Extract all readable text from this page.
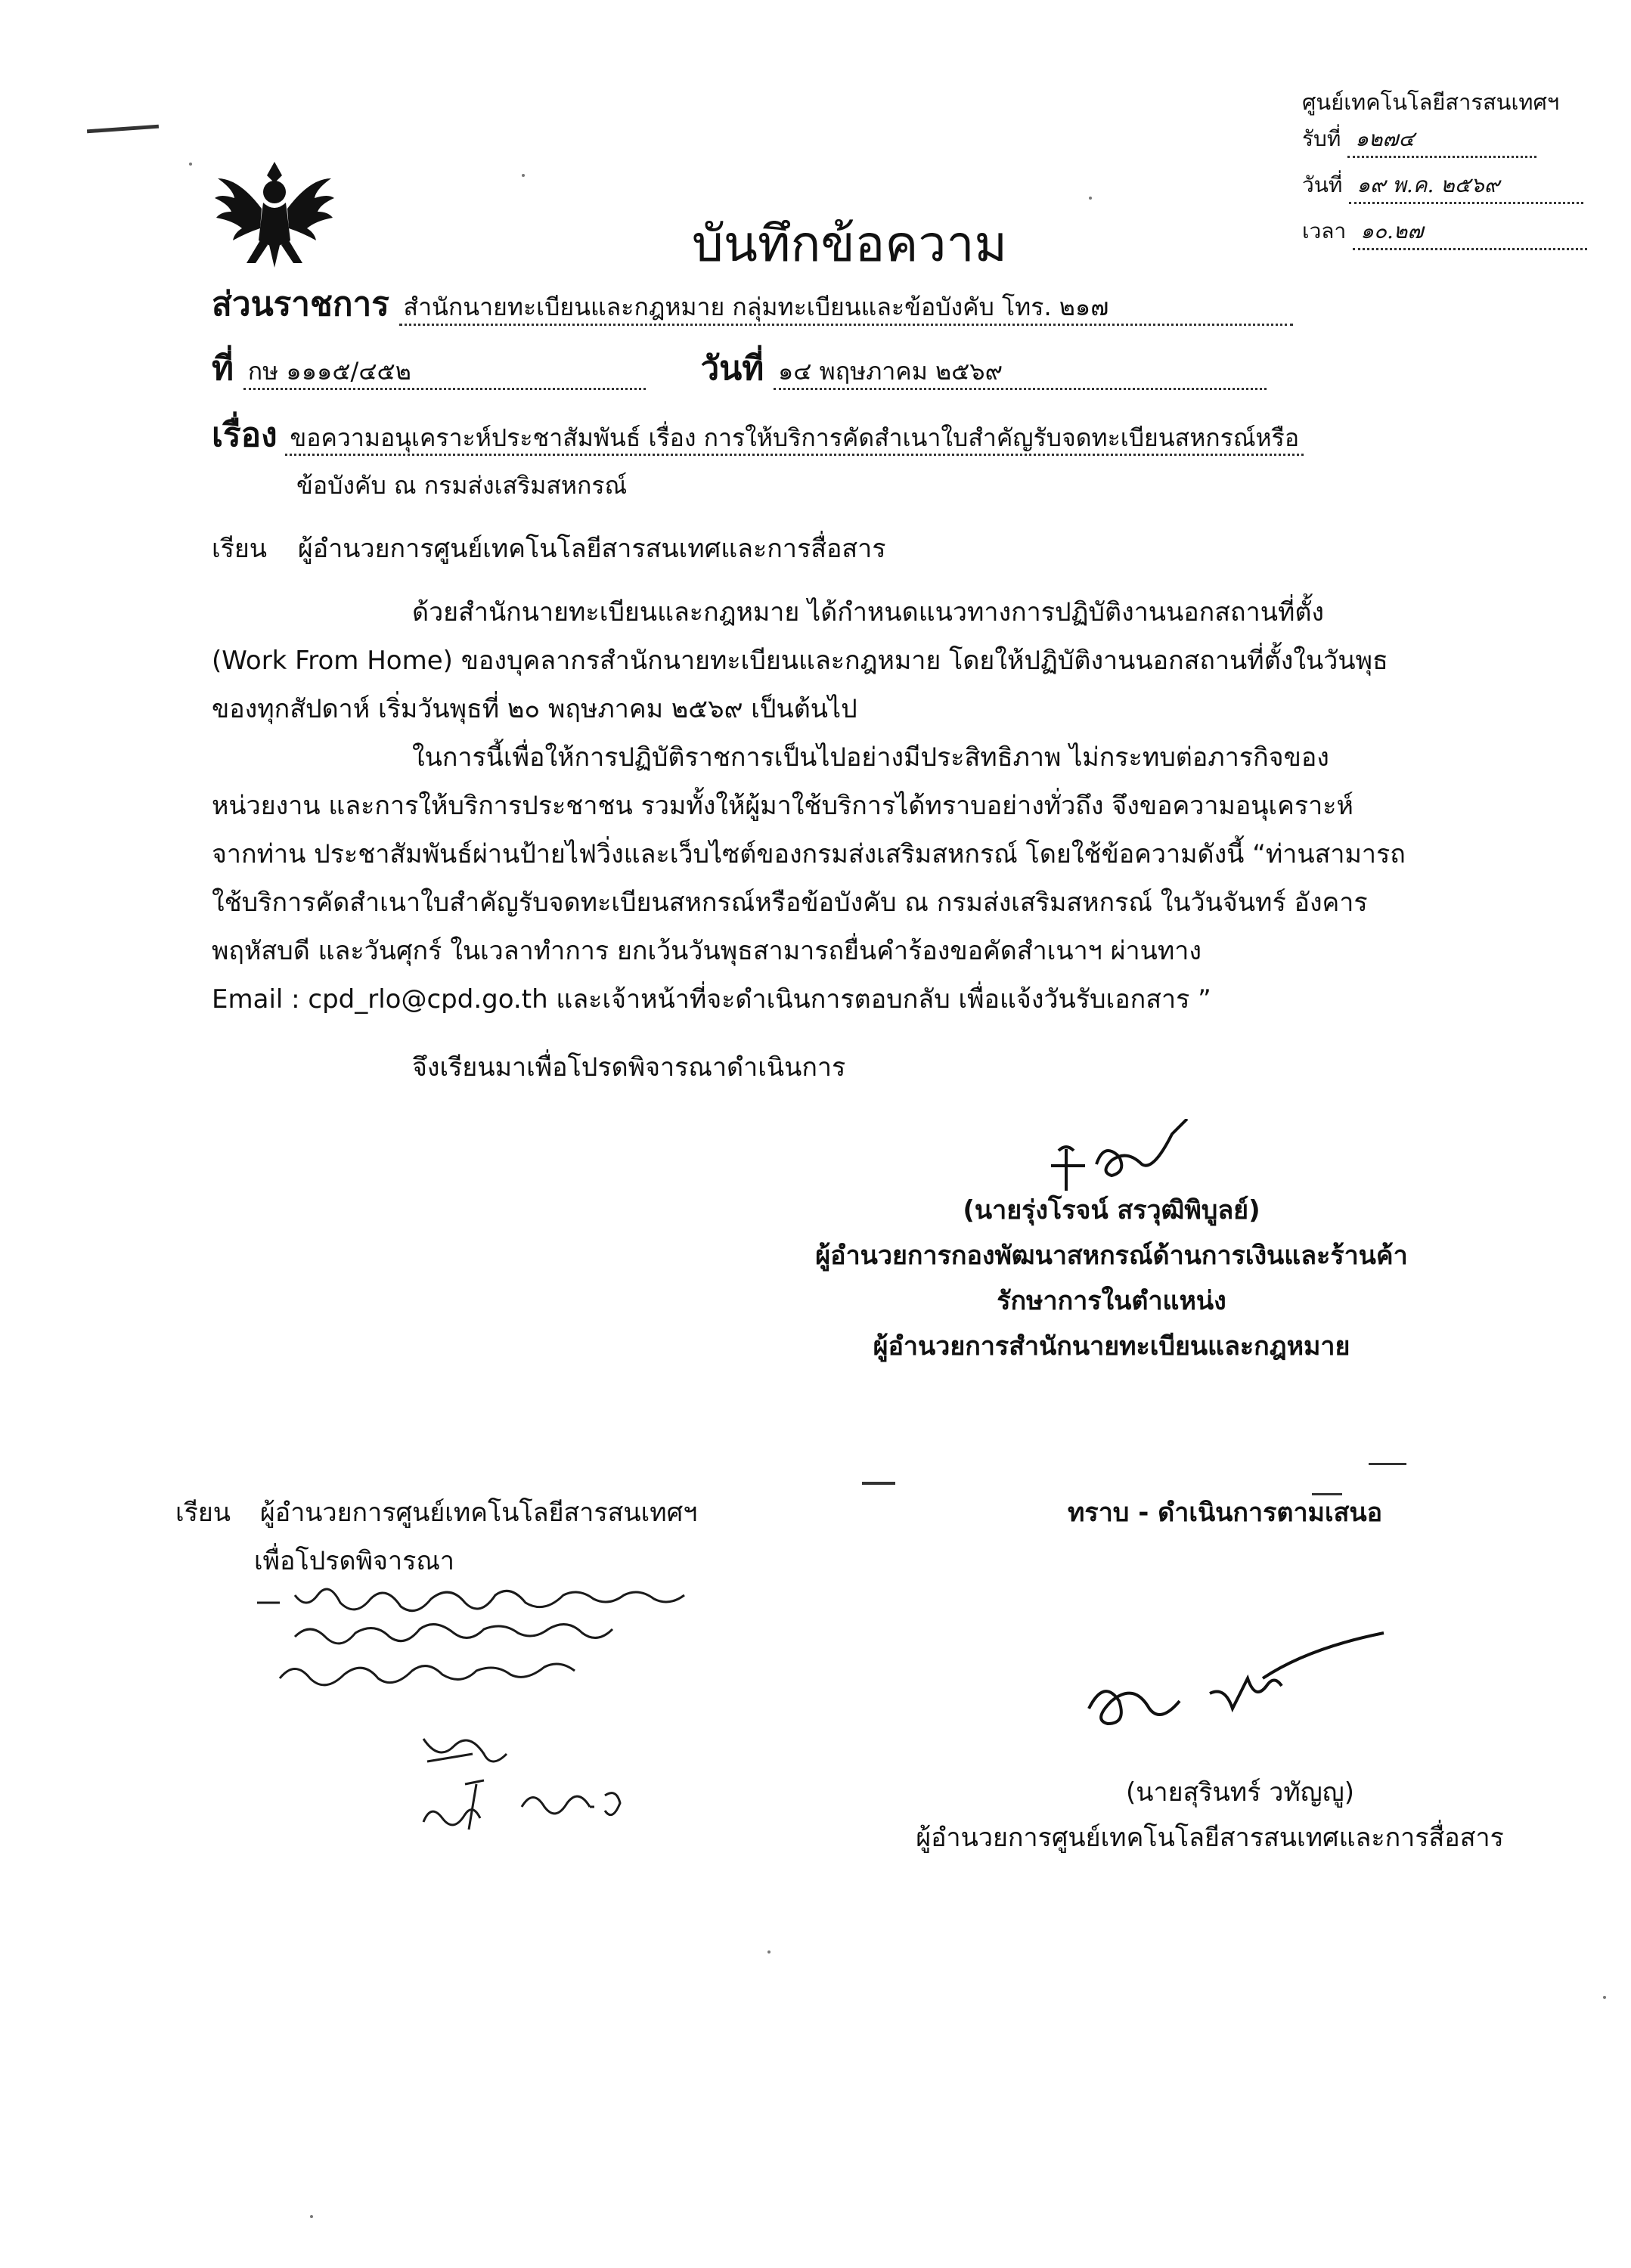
ศูนย์เทคโนโลยีสารสนเทศฯ
รับที่ ๑๒๗๔
วันที่ ๑๙ พ.ค. ๒๕๖๙
เวลา ๑๐.๒๗
บันทึกข้อความ
ส่วนราชการ สำนักนายทะเบียนและกฎหมาย กลุ่มทะเบียนและข้อบังคับ โทร. ๒๑๗
ที่ กษ ๑๑๑๕/๔๕๒	วันที่ ๑๔ พฤษภาคม ๒๕๖๙
เรื่อง ขอความอนุเคราะห์ประชาสัมพันธ์ เรื่อง การให้บริการคัดสำเนาใบสำคัญรับจดทะเบียนสหกรณ์หรือ
ข้อบังคับ ณ กรมส่งเสริมสหกรณ์
เรียน ผู้อำนวยการศูนย์เทคโนโลยีสารสนเทศและการสื่อสาร
ด้วยสำนักนายทะเบียนและกฎหมาย ได้กำหนดแนวทางการปฏิบัติงานนอกสถานที่ตั้ง
(Work From Home) ของบุคลากรสำนักนายทะเบียนและกฎหมาย โดยให้ปฏิบัติงานนอกสถานที่ตั้งในวันพุธ
ของทุกสัปดาห์ เริ่มวันพุธที่ ๒๐ พฤษภาคม ๒๕๖๙ เป็นต้นไป
ในการนี้เพื่อให้การปฏิบัติราชการเป็นไปอย่างมีประสิทธิภาพ ไม่กระทบต่อภารกิจของ
หน่วยงาน และการให้บริการประชาชน รวมทั้งให้ผู้มาใช้บริการได้ทราบอย่างทั่วถึง จึงขอความอนุเคราะห์
จากท่าน ประชาสัมพันธ์ผ่านป้ายไฟวิ่งและเว็บไซต์ของกรมส่งเสริมสหกรณ์ โดยใช้ข้อความดังนี้ “ท่านสามารถ
ใช้บริการคัดสำเนาใบสำคัญรับจดทะเบียนสหกรณ์หรือข้อบังคับ ณ กรมส่งเสริมสหกรณ์ ในวันจันทร์ อังคาร
พฤหัสบดี และวันศุกร์ ในเวลาทำการ ยกเว้นวันพุธสามารถยื่นคำร้องขอคัดสำเนาฯ ผ่านทาง
Email : cpd_rlo@cpd.go.th และเจ้าหน้าที่จะดำเนินการตอบกลับ เพื่อแจ้งวันรับเอกสาร ”
จึงเรียนมาเพื่อโปรดพิจารณาดำเนินการ
(นายรุ่งโรจน์ สรวุฒิพิบูลย์)
ผู้อำนวยการกองพัฒนาสหกรณ์ด้านการเงินและร้านค้า
รักษาการในตำแหน่ง
ผู้อำนวยการสำนักนายทะเบียนและกฎหมาย
เรียน ผู้อำนวยการศูนย์เทคโนโลยีสารสนเทศฯ
เพื่อโปรดพิจารณา
ทราบ - ดำเนินการตามเสนอ
(นายสุรินทร์ วทัญญู)
ผู้อำนวยการศูนย์เทคโนโลยีสารสนเทศและการสื่อสาร
